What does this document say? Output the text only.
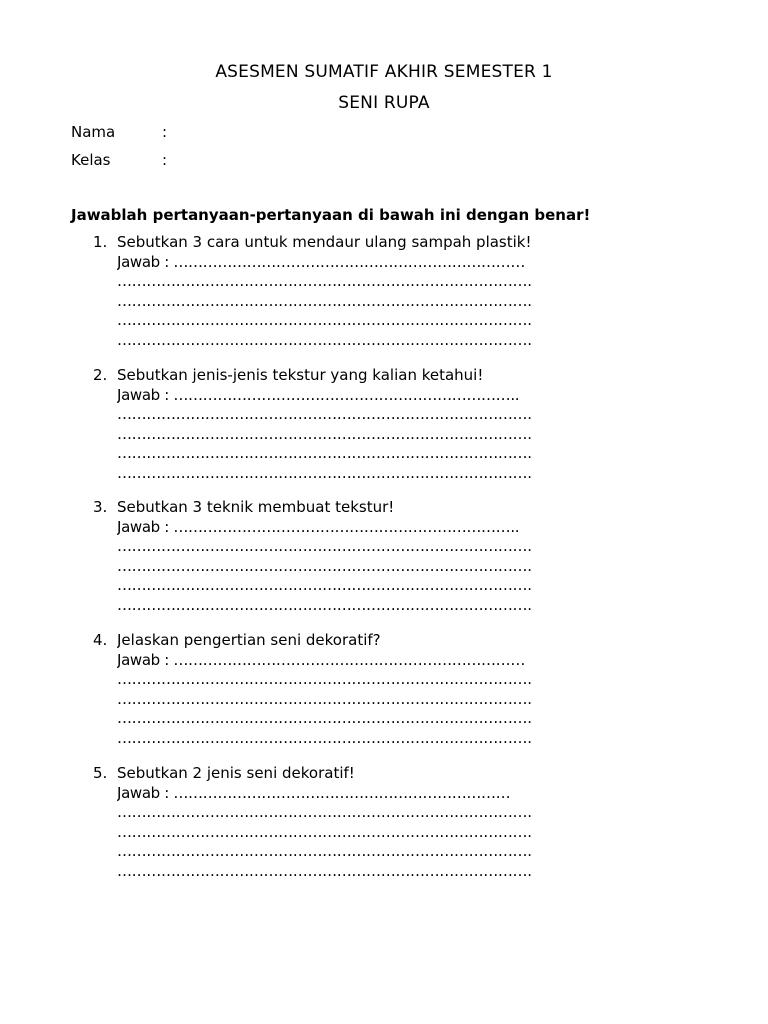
ASESMEN SUMATIF AKHIR SEMESTER 1
SENI RUPA
Nama	:
Kelas	:
Jawablah pertanyaan-pertanyaan di bawah ini dengan benar!
1. Sebutkan 3 cara untuk mendaur ulang sampah plastik!
Jawab : ………………………………………………………………
………………………………………………………………………….
………………………………………………………………………….
………………………………………………………………………….
………………………………………………………………………….
2. Sebutkan jenis-jenis tekstur yang kalian ketahui!
Jawab : ……………………………………………………………..
………………………………………………………………………….
………………………………………………………………………….
………………………………………………………………………….
………………………………………………………………………….
3. Sebutkan 3 teknik membuat tekstur!
Jawab : ……………………………………………………………..
………………………………………………………………………….
………………………………………………………………………….
………………………………………………………………………….
………………………………………………………………………….
4. Jelaskan pengertian seni dekoratif?
Jawab : ………………………………………………………………
………………………………………………………………………….
………………………………………………………………………….
………………………………………………………………………….
………………………………………………………………………….
5. Sebutkan 2 jenis seni dekoratif!
Jawab : ……………………………………………………………
………………………………………………………………………….
………………………………………………………………………….
………………………………………………………………………….
………………………………………………………………………….
